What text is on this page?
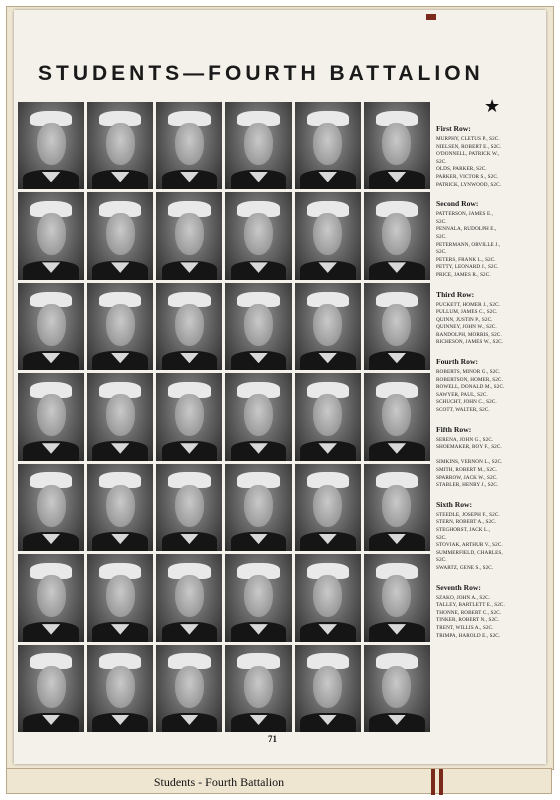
STUDENTS—FOURTH BATTALION
★
First Row:
MURPHY, CLETUS P., S2C.
NIELSEN, ROBERT E., S2C.
O'DONNELL, PATRICK W.,
S2C.
OLDS, PARKER, S2C.
PARKER, VICTOR S., S2C.
PATRICK, LYNWOOD, S2C.
Second Row:
PATTERSON, JAMES E.,
S2C.
PENNALA, RUDOLPH E.,
S2C.
PETERMANN, ORVILLE J.,
S2C.
PETERS, FRANK L., S2C.
PETTY, LEONARD J., S2C.
PRICE, JAMES R., S2C.
Third Row:
PUCKETT, HOMER J., S2C.
PULLUM, JAMES C., S2C.
QUINN, JUSTIN P., S2C.
QUINNEY, JOHN W., S2C.
RANDOLPH, MORRIS, S2C.
RICHESON, JAMES W., S2C.
Fourth Row:
ROBERTS, MINOR G., S2C.
ROBERTSON, HOMER, S2C.
ROWELL, DONALD M., S2C.
SAWYER, PAUL, S2C.
SCHUCHT, JOHN C., S2C.
SCOTT, WALTER, S2C.
Fifth Row:
SERENA, JOHN G., S2C.
SHOEMAKER, ROY F., S2C.

SIMKINS, VERNON L., S2C.
SMITH, ROBERT M., S2C.
SPARROW, JACK W., S2C.
STABLER, HENRY J., S2C.
Sixth Row:
STEEDLE, JOSEPH F., S2C.
STERN, ROBERT A., S2C.
STEGHORST, JACK L.,
S2C.
STOVIAK, ARTHUR V., S2C.
SUMMERFIELD, CHARLES,
S2C.
SWARTZ, GENE S., S2C.
Seventh Row:
SZAKO, JOHN A., S2C.
TALLEY, BARTLETT E., S2C.
THONNE, ROBERT C., S2C.
TINKER, ROBERT N., S2C.
TRENT, WILLIS A., S2C.
TRIMPA, HAROLD E., S2C.
71
Students - Fourth Battalion
